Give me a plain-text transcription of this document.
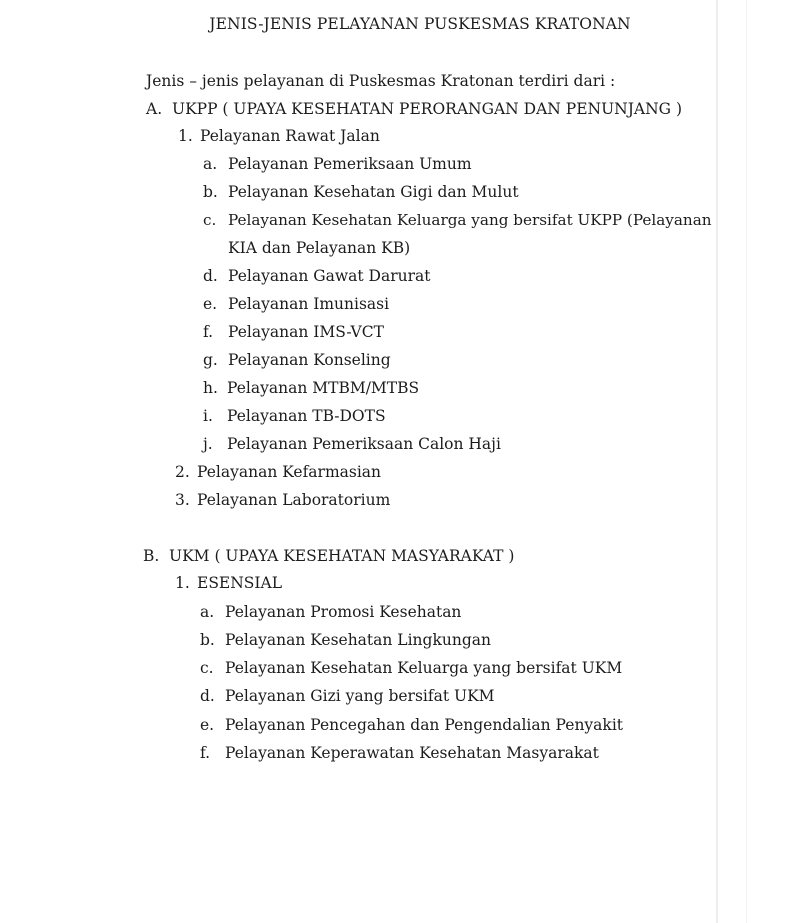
JENIS-JENIS PELAYANAN PUSKESMAS KRATONAN
Jenis – jenis pelayanan di Puskesmas Kratonan terdiri dari :
A. UKPP ( UPAYA KESEHATAN PERORANGAN DAN PENUNJANG )
1. Pelayanan Rawat Jalan
a. Pelayanan Pemeriksaan Umum
b. Pelayanan Kesehatan Gigi dan Mulut
c. Pelayanan Kesehatan Keluarga yang bersifat UKPP (Pelayanan
KIA dan Pelayanan KB)
d. Pelayanan Gawat Darurat
e. Pelayanan Imunisasi
f. Pelayanan IMS-VCT
g. Pelayanan Konseling
h. Pelayanan MTBM/MTBS
i. Pelayanan TB-DOTS
j. Pelayanan Pemeriksaan Calon Haji
2. Pelayanan Kefarmasian
3. Pelayanan Laboratorium
B. UKM ( UPAYA KESEHATAN MASYARAKAT )
1. ESENSIAL
a. Pelayanan Promosi Kesehatan
b. Pelayanan Kesehatan Lingkungan
c. Pelayanan Kesehatan Keluarga yang bersifat UKM
d. Pelayanan Gizi yang bersifat UKM
e. Pelayanan Pencegahan dan Pengendalian Penyakit
f. Pelayanan Keperawatan Kesehatan Masyarakat
